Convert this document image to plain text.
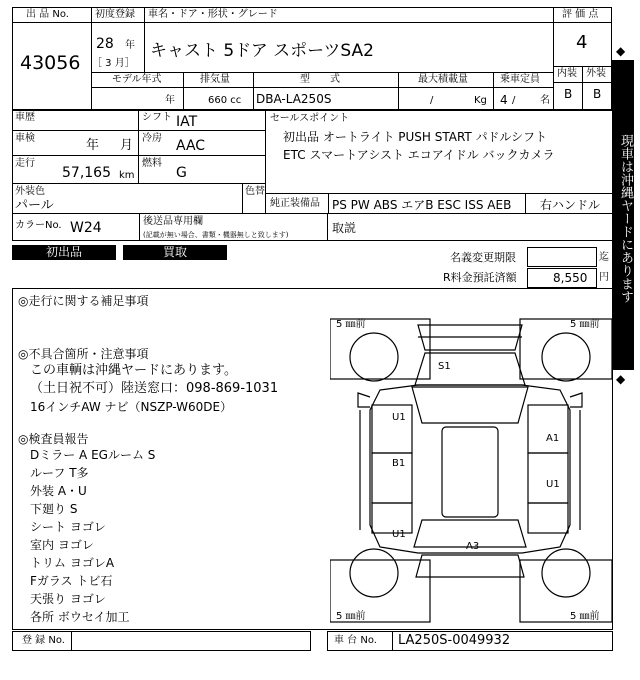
出 品 No.
43056
初度登録
28 年
［ 3 月］
車名・ドア・形状・グレード
キャスト 5ドア スポーツSA2
評 価 点
4
内装 外装
B B
モデル年式	排気量	型　　式	最大積載量	乗車定員
年	660 cc DBA-LA250S	/	Kg 4 / 名
車歴	シフト IAT
車検	年 月 冷房 AAC
走行
57,165 km
燃料
G
外装色
パール
色替
カラーNo. W24	後送品専用欄
(記載が無い場合、書類・機器無しと致します)	取説
セールスポイント
初出品 オートライト PUSH START パドルシフト
ETC スマートアシスト エコアイドル バックカメラ
純正装備品 PS PW ABS エアB ESC ISS AEB 右ハンドル
初出品	買取	名義変更期限	迄
R料金預託済額	8,550 円
◆
現車は沖縄ヤードにあります
◆
◎走行に関する補足事項
◎不具合箇所・注意事項
この車輌は沖縄ヤードにあります。
（土日祝不可）陸送窓口：098-869-1031
16インチAW ナビ（NSZP-W60DE）
◎検査員報告
Dミラー A EGルーム S
ルーフ T多
外装 A・U
下廻り S
シート ヨゴレ
室内 ヨゴレ
トリム ヨゴレA
Fガラス トビ石
天張り ヨゴレ
各所 ボウセイ加工
5 ㎜前	5 ㎜前
5 ㎜前	5 ㎜前
S1
U1
A1
B1
U1
U1
A3
登 録 No.	車 台 No. LA250S-0049932
